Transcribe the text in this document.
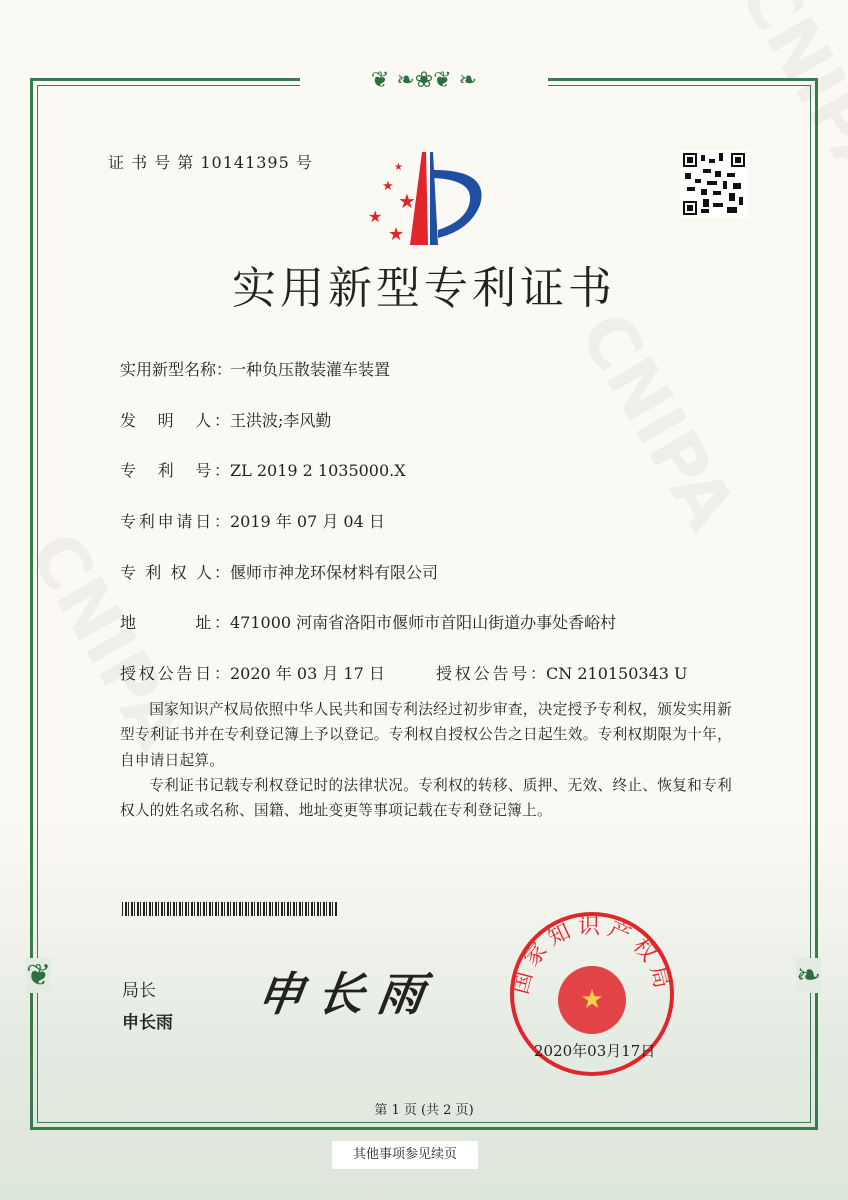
❦ ❧❀❦ ❧
❦	❧
证 书 号 第 10141395 号	★
★
★
★
★
实用新型专利证书
实用新型名称：一种负压散装灌车装置
发　明　人：王洪波;李风勤
专　利　号：ZL 2019 2 1035000.X
专利申请日：2019 年 07 月 04 日
专 利 权 人：偃师市神龙环保材料有限公司
地　　　址：471000 河南省洛阳市偃师市首阳山街道办事处香峪村
授权公告日：2020 年 03 月 17 日	授权公告号：CN 210150343 U
国家知识产权局依照中华人民共和国专利法经过初步审查，决定授予专利权，颁发实用新型专利证书并在专利登记簿上予以登记。专利权自授权公告之日起生效。专利权期限为十年，自申请日起算。
专利证书记载专利权登记时的法律状况。专利权的转移、质押、无效、终止、恢复和专利权人的姓名或名称、国籍、地址变更等事项记载在专利登记簿上。
局长
申长雨
申长雨	国家知识产权局
★
2020年03月17日
第 1 页 (共 2 页)
其他事项参见续页
